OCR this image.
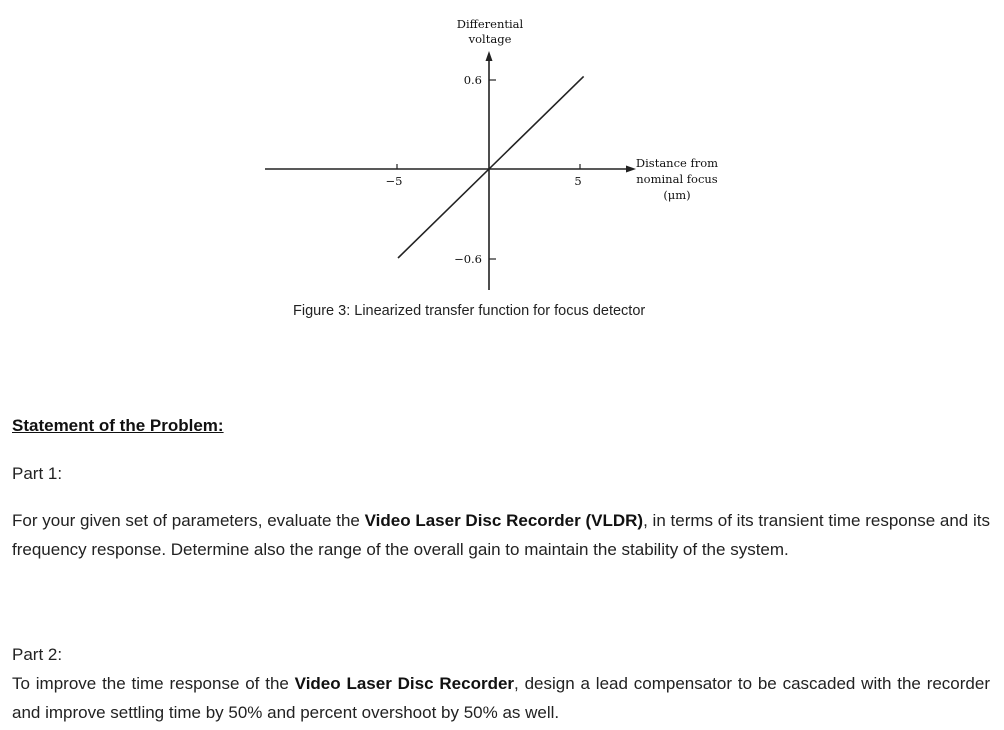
Differential
voltage
0.6
−0.6
−5	5
Distance from
nominal focus
(μm)
Figure 3: Linearized transfer function for focus detector
Statement of the Problem:
Part 1:
For your given set of parameters, evaluate the Video Laser Disc Recorder (VLDR), in terms of its transient time response and its frequency response. Determine also the range of the overall gain to maintain the stability of the system.
Part 2:
To improve the time response of the Video Laser Disc Recorder, design a lead compensator to be cascaded with the recorder and improve settling time by 50% and percent overshoot by 50% as well.
